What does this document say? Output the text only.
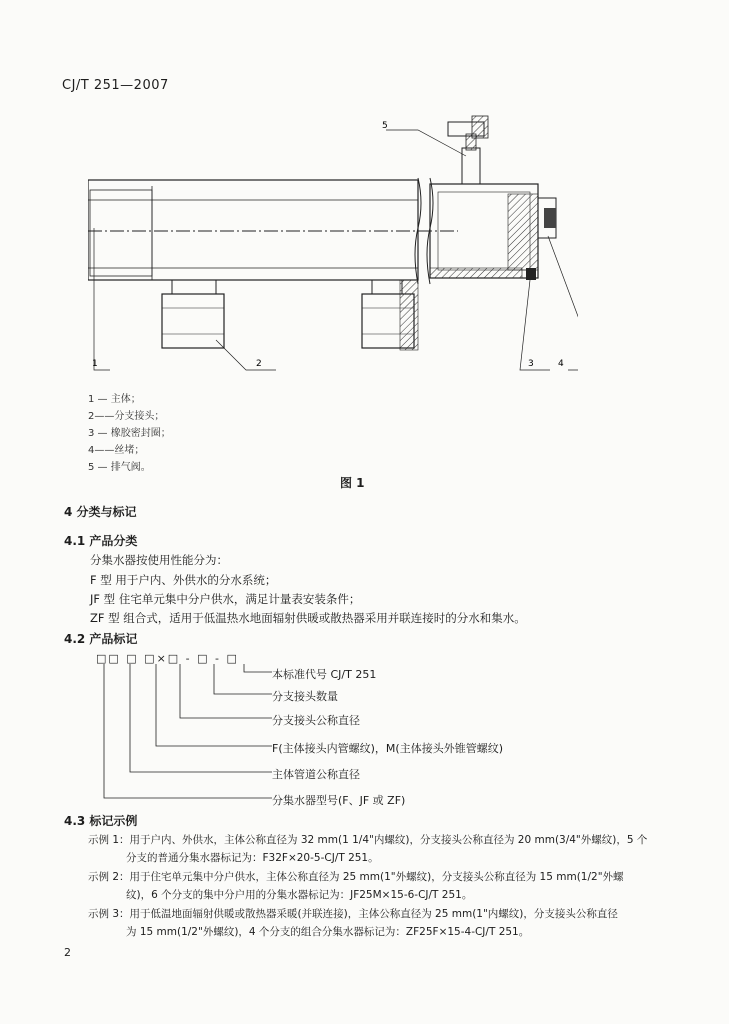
CJ/T 251—2007
5
1	2	3	4
1 — 主体；
2——分支接头；
3 — 橡胶密封圈；
4——丝堵；
5 — 排气阀。
图 1
4 分类与标记
4.1 产品分类
分集水器按使用性能分为：
F 型 用于户内、外供水的分水系统；
JF 型 住宅单元集中分户供水，满足计量表安装条件；
ZF 型 组合式，适用于低温热水地面辐射供暖或散热器采用并联连接时的分水和集水。
4.2 产品标记
□□ □ □×□ - □ - □
本标准代号 CJ/T 251
分支接头数量
分支接头公称直径
F(主体接头内管螺纹)，M(主体接头外锥管螺纹)
主体管道公称直径
分集水器型号(F、JF 或 ZF)
4.3 标记示例
示例 1：用于户内、外供水，主体公称直径为 32 mm(1 1/4"内螺纹)，分支接头公称直径为 20 mm(3/4"外螺纹)，5 个
分支的普通分集水器标记为：F32F×20-5-CJ/T 251。
示例 2：用于住宅单元集中分户供水，主体公称直径为 25 mm(1"外螺纹)，分支接头公称直径为 15 mm(1/2"外螺
纹)，6 个分支的集中分户用的分集水器标记为：JF25M×15-6-CJ/T 251。
示例 3：用于低温地面辐射供暖或散热器采暖(并联连接)，主体公称直径为 25 mm(1"内螺纹)，分支接头公称直径
为 15 mm(1/2"外螺纹)，4 个分支的组合分集水器标记为：ZF25F×15-4-CJ/T 251。
2
